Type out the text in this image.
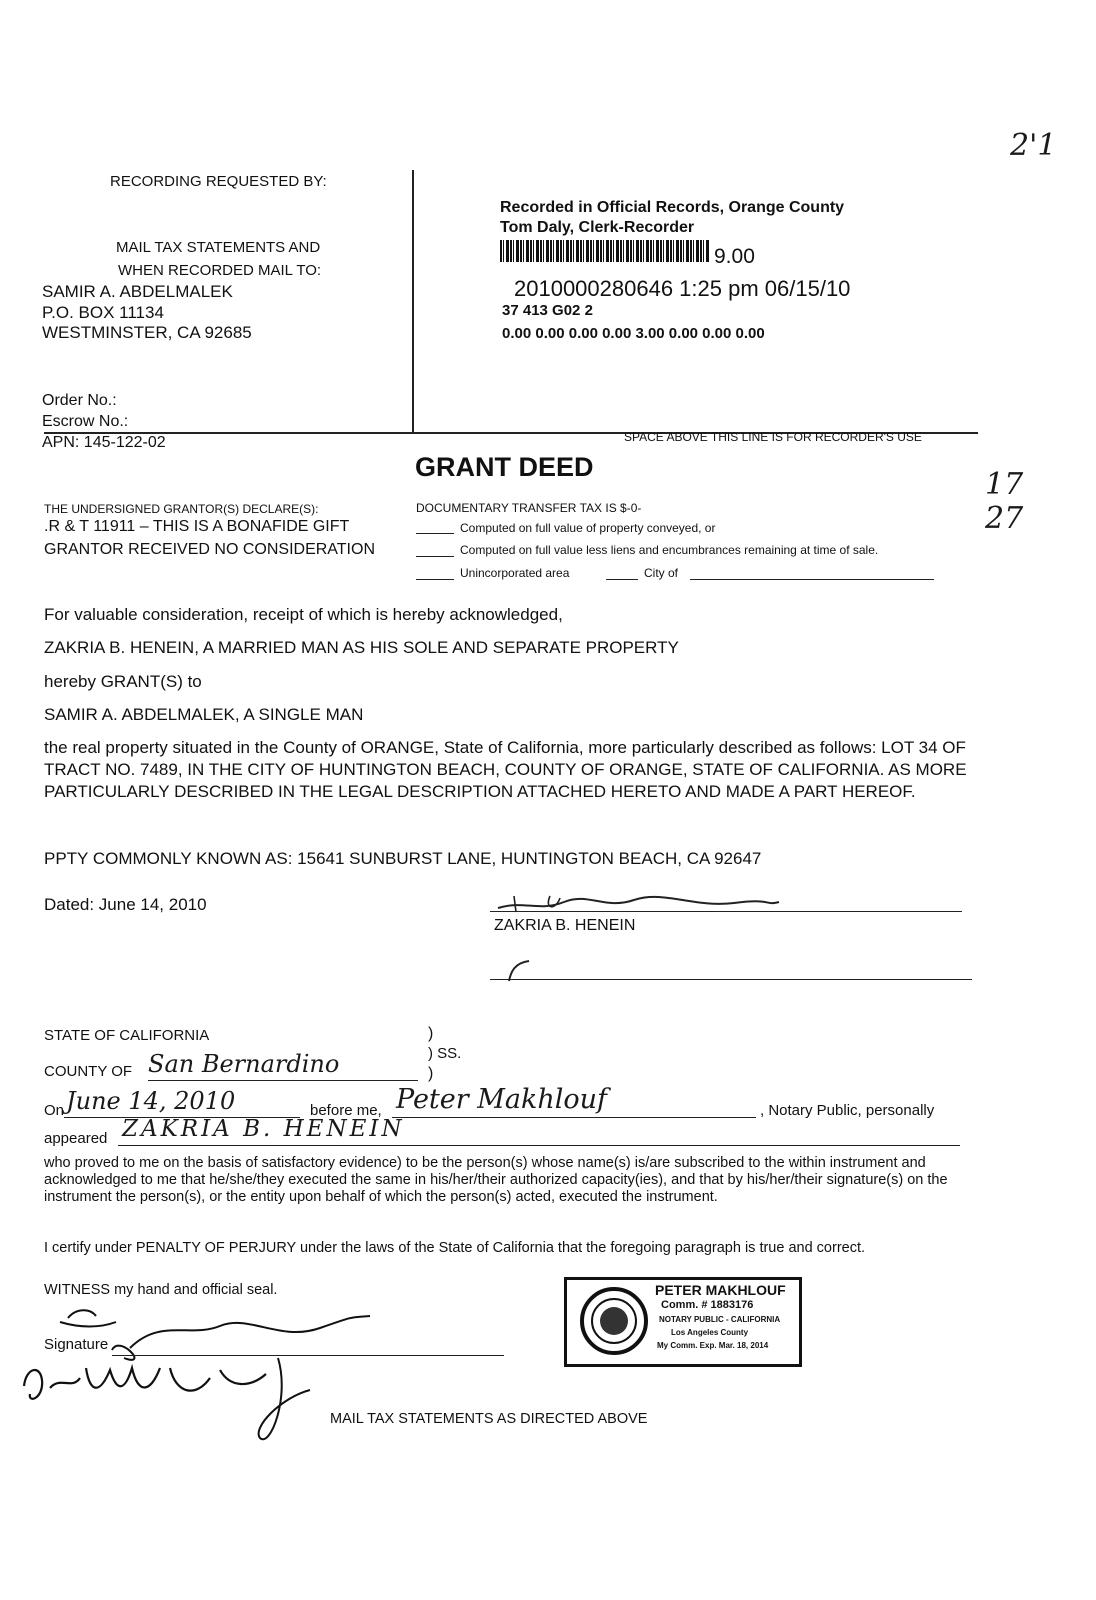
2'1
17 27
RECORDING REQUESTED BY:
MAIL TAX STATEMENTS AND
WHEN RECORDED MAIL TO:
SAMIR A. ABDELMALEK
P.O. BOX 11134
WESTMINSTER, CA 92685
Order No.:
Escrow No.:
APN: 145-122-02
Recorded in Official Records, Orange County
Tom Daly, Clerk-Recorder
9.00
2010000280646 1:25 pm 06/15/10
37 413 G02 2
0.00 0.00 0.00 0.00 3.00 0.00 0.00 0.00
SPACE ABOVE THIS LINE IS FOR RECORDER'S USE
GRANT DEED
THE UNDERSIGNED GRANTOR(S) DECLARE(S):
.R & T 11911 – THIS IS A BONAFIDE GIFT
GRANTOR RECEIVED NO CONSIDERATION
DOCUMENTARY TRANSFER TAX IS $-0-
Computed on full value of property conveyed, or
Computed on full value less liens and encumbrances remaining at time of sale.
Unincorporated area	City of
For valuable consideration, receipt of which is hereby acknowledged,
ZAKRIA B. HENEIN, A MARRIED MAN AS HIS SOLE AND SEPARATE PROPERTY
hereby GRANT(S) to
SAMIR A. ABDELMALEK, A SINGLE MAN
the real property situated in the County of ORANGE, State of California, more particularly described as follows: LOT 34 OF TRACT NO. 7489, IN THE CITY OF HUNTINGTON BEACH, COUNTY OF ORANGE, STATE OF CALIFORNIA. AS MORE PARTICULARLY DESCRIBED IN THE LEGAL DESCRIPTION ATTACHED HERETO AND MADE A PART HEREOF.
PPTY COMMONLY KNOWN AS: 15641 SUNBURST LANE, HUNTINGTON BEACH, CA 92647
Dated: June 14, 2010
ZAKRIA B. HENEIN
STATE OF CALIFORNIA	)
) SS.
)
COUNTY OF San Bernardino
On June 14, 2010	before me, Peter Makhlouf	, Notary Public, personally
appeared ZAKRIA B. HENEIN
who proved to me on the basis of satisfactory evidence) to be the person(s) whose name(s) is/are subscribed to the within instrument and acknowledged to me that he/she/they executed the same in his/her/their authorized capacity(ies), and that by his/her/their signature(s) on the instrument the person(s), or the entity upon behalf of which the person(s) acted, executed the instrument.
I certify under PENALTY OF PERJURY under the laws of the State of California that the foregoing paragraph is true and correct.
WITNESS my hand and official seal.
Signature
PETER MAKHLOUF
Comm. # 1883176
NOTARY PUBLIC - CALIFORNIA
Los Angeles County
My Comm. Exp. Mar. 18, 2014
MAIL TAX STATEMENTS AS DIRECTED ABOVE
